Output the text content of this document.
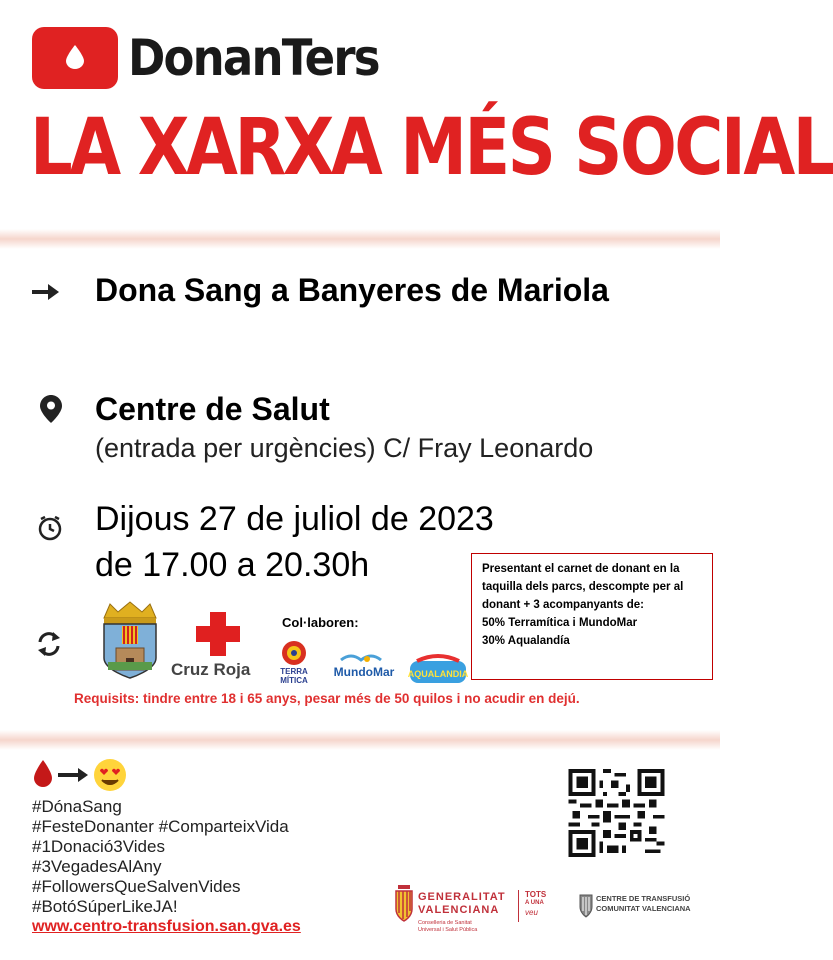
DonanTers
LA XARXA MÉS SOCIAL
Dona Sang a Banyeres de Mariola
Centre de Salut
(entrada per urgències) C/ Fray Leonardo
Dijous 27 de juliol de 2023
de 17.00 a 20.30h	Presentant el carnet de donant en la
taquilla dels parcs, descompte per al
donant + 3 acompanyants de:
50% Terramítica i MundoMar
30% Aqualandía
Cruz Roja
Col·laboren:
TERRA
MÍTICA
MundoMar AQUALANDIA
Requisits: tindre entre 18 i 65 anys, pesar més de 50 quilos i no acudir en dejú.
#DónaSang
#FesteDonanter #ComparteixVida
#1Donació3Vides
#3VegadesAlAny
#FollowersQueSalvenVides
#BotóSúperLikeJA!
www.centro-transfusion.san.gva.es
GENERALITAT
VALENCIANA
Conselleria de Sanitat
Universal i Salut Pública
TOTS
A UNA
veu
CENTRE DE TRANSFUSIÓ
COMUNITAT VALENCIANA
